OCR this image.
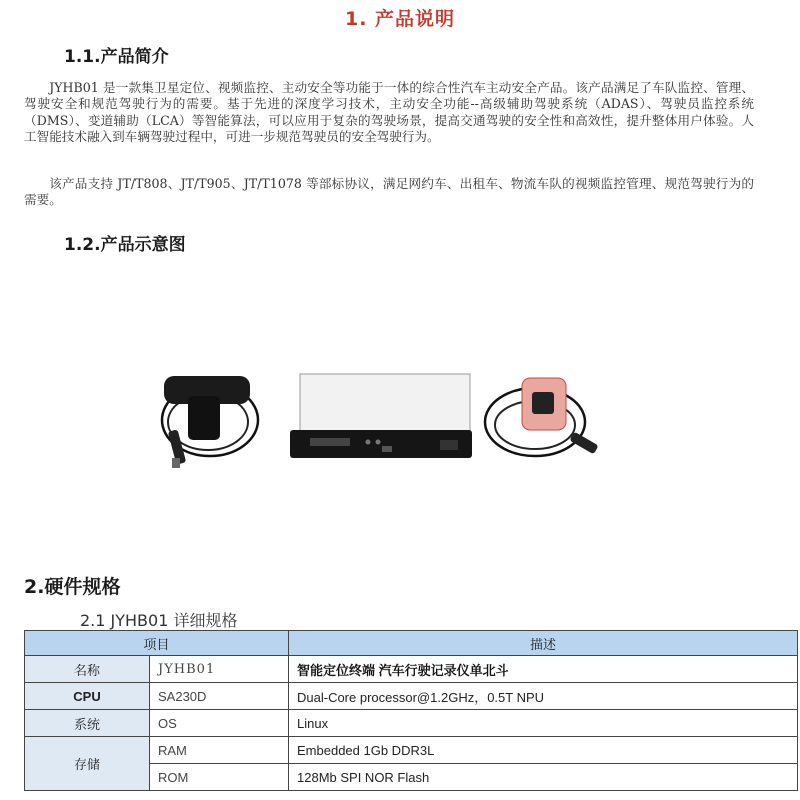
1. 产品说明
1.1.产品简介

JYHB01 是一款集卫星定位、视频监控、主动安全等功能于一体的综合性汽车主动安全产品。该产品满足了车队监控、管理、驾驶安全和规范驾驶行为的需要。基于先进的深度学习技术，主动安全功能--高级辅助驾驶系统（ADAS）、驾驶员监控系统（DMS）、变道辅助（LCA）等智能算法，可以应用于复杂的驾驶场景，提高交通驾驶的安全性和高效性，提升整体用户体验。人工智能技术融入到车辆驾驶过程中，可进一步规范驾驶员的安全驾驶行为。

该产品支持 JT/T808、JT/T905、JT/T1078 等部标协议，满足网约车、出租车、物流车队的视频监控管理、规范驾驶行为的需要。

1.2.产品示意图
2.硬件规格
2.1 JYHB01 详细规格
项目		描述
名称	JYHB01	智能定位终端 汽车行驶记录仪单北斗
CPU	SA230D	Dual-Core processor@1.2GHz，0.5T NPU
系统	OS	Linux
存储	RAM	Embedded 1Gb DDR3L
	ROM	128Mb SPI NOR Flash
